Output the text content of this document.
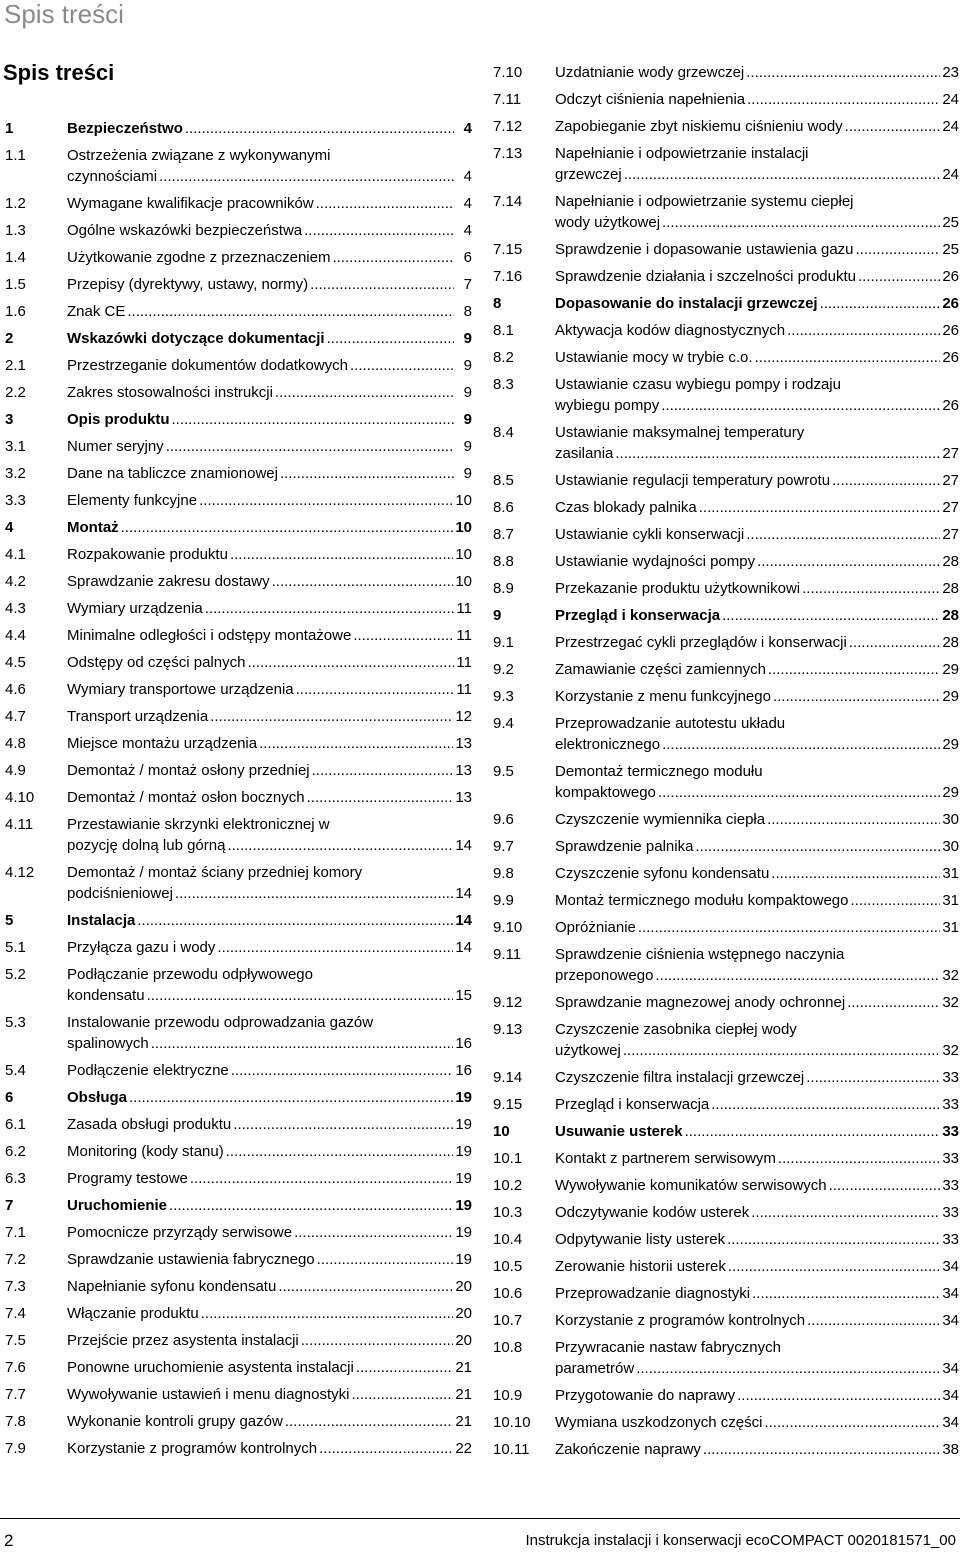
Spis treści
Spis treści
1	Bezpieczeństwo .....	4
1.1	Ostrzeżenia związane z wykonywanymi
czynnościami .....	4
1.2	Wymagane kwalifikacje pracowników .....	4
1.3	Ogólne wskazówki bezpieczeństwa .....	4
1.4	Użytkowanie zgodne z przeznaczeniem .....	6
1.5	Przepisy (dyrektywy, ustawy, normy) .....	7
1.6	Znak CE .....	8
2	Wskazówki dotyczące dokumentacji .....	9
2.1	Przestrzeganie dokumentów dodatkowych .....	9
2.2	Zakres stosowalności instrukcji .....	9
3	Opis produktu .....	9
3.1	Numer seryjny .....	9
3.2	Dane na tabliczce znamionowej .....	9
3.3	Elementy funkcyjne .....	10
4	Montaż .....	10
4.1	Rozpakowanie produktu .....	10
4.2	Sprawdzanie zakresu dostawy .....	10
4.3	Wymiary urządzenia .....	11
4.4	Minimalne odległości i odstępy montażowe .....	11
4.5	Odstępy od części palnych .....	11
4.6	Wymiary transportowe urządzenia .....	11
4.7	Transport urządzenia .....	12
4.8	Miejsce montażu urządzenia .....	13
4.9	Demontaż / montaż osłony przedniej .....	13
4.10 Demontaż / montaż osłon bocznych .....	13
4.11 Przestawianie skrzynki elektronicznej w
pozycję dolną lub górną .....	14
4.12 Demontaż / montaż ściany przedniej komory
podciśnieniowej .....	14
5	Instalacja .....	14
5.1	Przyłącza gazu i wody .....	14
5.2	Podłączanie przewodu odpływowego
kondensatu .....	15
5.3	Instalowanie przewodu odprowadzania gazów
spalinowych .....	16
5.4	Podłączenie elektryczne .....	16
6	Obsługa .....	19
6.1	Zasada obsługi produktu .....	19
6.2	Monitoring (kody stanu) .....	19
6.3	Programy testowe .....	19
7	Uruchomienie .....	19
7.1	Pomocnicze przyrządy serwisowe .....	19
7.2	Sprawdzanie ustawienia fabrycznego .....	19
7.3	Napełnianie syfonu kondensatu .....	20
7.4	Włączanie produktu .....	20
7.5	Przejście przez asystenta instalacji .....	20
7.6	Ponowne uruchomienie asystenta instalacji .....	21
7.7	Wywoływanie ustawień i menu diagnostyki .....	21
7.8	Wykonanie kontroli grupy gazów .....	21
7.9	Korzystanie z programów kontrolnych .....	22
7.10 Uzdatnianie wody grzewczej .....	23
7.11 Odczyt ciśnienia napełnienia .....	24
7.12 Zapobieganie zbyt niskiemu ciśnieniu wody .....	24
7.13 Napełnianie i odpowietrzanie instalacji
grzewczej .....	24
7.14 Napełnianie i odpowietrzanie systemu ciepłej
wody użytkowej .....	25
7.15 Sprawdzenie i dopasowanie ustawienia gazu .....	25
7.16 Sprawdzenie działania i szczelności produktu .....	26
8	Dopasowanie do instalacji grzewczej .....	26
8.1	Aktywacja kodów diagnostycznych .....	26
8.2	Ustawianie mocy w trybie c.o. .....	26
8.3	Ustawianie czasu wybiegu pompy i rodzaju
wybiegu pompy .....	26
8.4	Ustawianie maksymalnej temperatury
zasilania .....	27
8.5	Ustawianie regulacji temperatury powrotu .....	27
8.6	Czas blokady palnika .....	27
8.7	Ustawianie cykli konserwacji .....	27
8.8	Ustawianie wydajności pompy .....	28
8.9	Przekazanie produktu użytkownikowi .....	28
9	Przegląd i konserwacja .....	28
9.1	Przestrzegać cykli przeglądów i konserwacji .....	28
9.2	Zamawianie części zamiennych .....	29
9.3	Korzystanie z menu funkcyjnego .....	29
9.4	Przeprowadzanie autotestu układu
elektronicznego .....	29
9.5	Demontaż termicznego modułu
kompaktowego .....	29
9.6	Czyszczenie wymiennika ciepła .....	30
9.7	Sprawdzenie palnika .....	30
9.8	Czyszczenie syfonu kondensatu .....	31
9.9	Montaż termicznego modułu kompaktowego .....	31
9.10 Opróżnianie .....	31
9.11 Sprawdzenie ciśnienia wstępnego naczynia
przeponowego .....	32
9.12 Sprawdzanie magnezowej anody ochronnej .....	32
9.13 Czyszczenie zasobnika ciepłej wody
użytkowej .....	32
9.14 Czyszczenie filtra instalacji grzewczej .....	33
9.15 Przegląd i konserwacja .....	33
10	Usuwanie usterek .....	33
10.1 Kontakt z partnerem serwisowym .....	33
10.2 Wywoływanie komunikatów serwisowych .....	33
10.3 Odczytywanie kodów usterek .....	33
10.4 Odpytywanie listy usterek .....	33
10.5 Zerowanie historii usterek .....	34
10.6 Przeprowadzanie diagnostyki .....	34
10.7 Korzystanie z programów kontrolnych .....	34
10.8 Przywracanie nastaw fabrycznych
parametrów .....	34
10.9 Przygotowanie do naprawy .....	34
10.10 Wymiana uszkodzonych części .....	34
10.11 Zakończenie naprawy .....	38
2	Instrukcja instalacji i konserwacji ecoCOMPACT 0020181571_00
